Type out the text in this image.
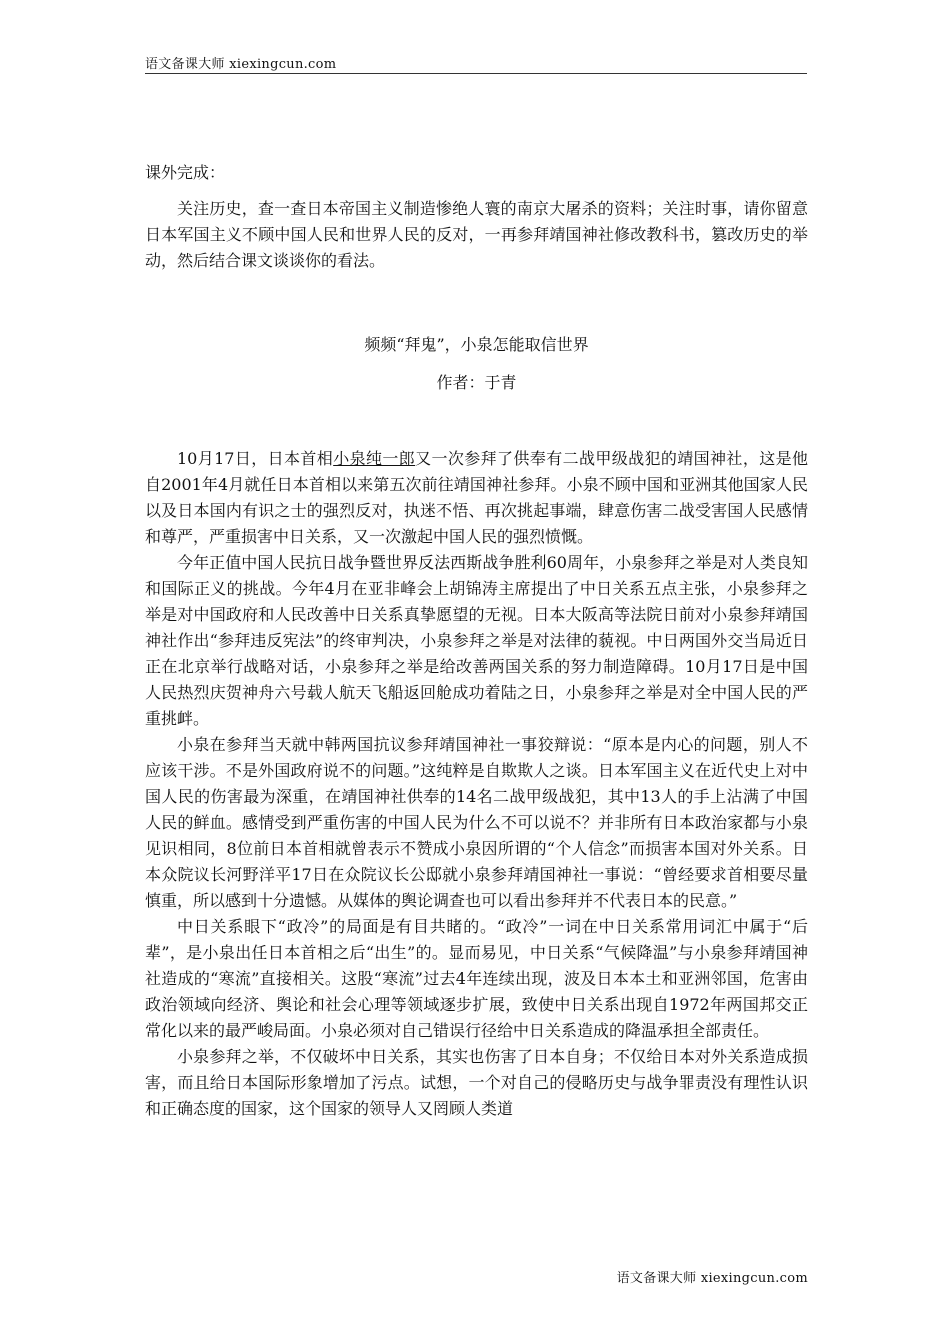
语文备课大师 xiexingcun.com

课外完成：

关注历史，查一查日本帝国主义制造惨绝人寰的南京大屠杀的资料；关注时事，请你留意日本军国主义不顾中国人民和世界人民的反对，一再参拜靖国神社修改教科书，篡改历史的举动，然后结合课文谈谈你的看法。

频频“拜鬼”，小泉怎能取信世界

作者：于青

10月17日，日本首相小泉纯一郎又一次参拜了供奉有二战甲级战犯的靖国神社，这是他自2001年4月就任日本首相以来第五次前往靖国神社参拜。小泉不顾中国和亚洲其他国家人民以及日本国内有识之士的强烈反对，执迷不悟、再次挑起事端，肆意伤害二战受害国人民感情和尊严，严重损害中日关系，又一次激起中国人民的强烈愤慨。

今年正值中国人民抗日战争暨世界反法西斯战争胜利60周年，小泉参拜之举是对人类良知和国际正义的挑战。今年4月在亚非峰会上胡锦涛主席提出了中日关系五点主张，小泉参拜之举是对中国政府和人民改善中日关系真挚愿望的无视。日本大阪高等法院日前对小泉参拜靖国神社作出“参拜违反宪法”的终审判决，小泉参拜之举是对法律的藐视。中日两国外交当局近日正在北京举行战略对话，小泉参拜之举是给改善两国关系的努力制造障碍。10月17日是中国人民热烈庆贺神舟六号载人航天飞船返回舱成功着陆之日，小泉参拜之举是对全中国人民的严重挑衅。

小泉在参拜当天就中韩两国抗议参拜靖国神社一事狡辩说：“原本是内心的问题，别人不应该干涉。不是外国政府说不的问题。”这纯粹是自欺欺人之谈。日本军国主义在近代史上对中国人民的伤害最为深重，在靖国神社供奉的14名二战甲级战犯，其中13人的手上沾满了中国人民的鲜血。感情受到严重伤害的中国人民为什么不可以说不？并非所有日本政治家都与小泉见识相同，8位前日本首相就曾表示不赞成小泉因所谓的“个人信念”而损害本国对外关系。日本众院议长河野洋平17日在众院议长公邸就小泉参拜靖国神社一事说：“曾经要求首相要尽量慎重，所以感到十分遗憾。从媒体的舆论调查也可以看出参拜并不代表日本的民意。”

中日关系眼下“政冷”的局面是有目共睹的。“政冷”一词在中日关系常用词汇中属于“后辈”，是小泉出任日本首相之后“出生”的。显而易见，中日关系“气候降温”与小泉参拜靖国神社造成的“寒流”直接相关。这股“寒流”过去4年连续出现，波及日本本土和亚洲邻国，危害由政治领域向经济、舆论和社会心理等领域逐步扩展，致使中日关系出现自1972年两国邦交正常化以来的最严峻局面。小泉必须对自己错误行径给中日关系造成的降温承担全部责任。

小泉参拜之举，不仅破坏中日关系，其实也伤害了日本自身；不仅给日本对外关系造成损害，而且给日本国际形象增加了污点。试想，一个对自己的侵略历史与战争罪责没有理性认识和正确态度的国家，这个国家的领导人又罔顾人类道

语文备课大师 xiexingcun.com
